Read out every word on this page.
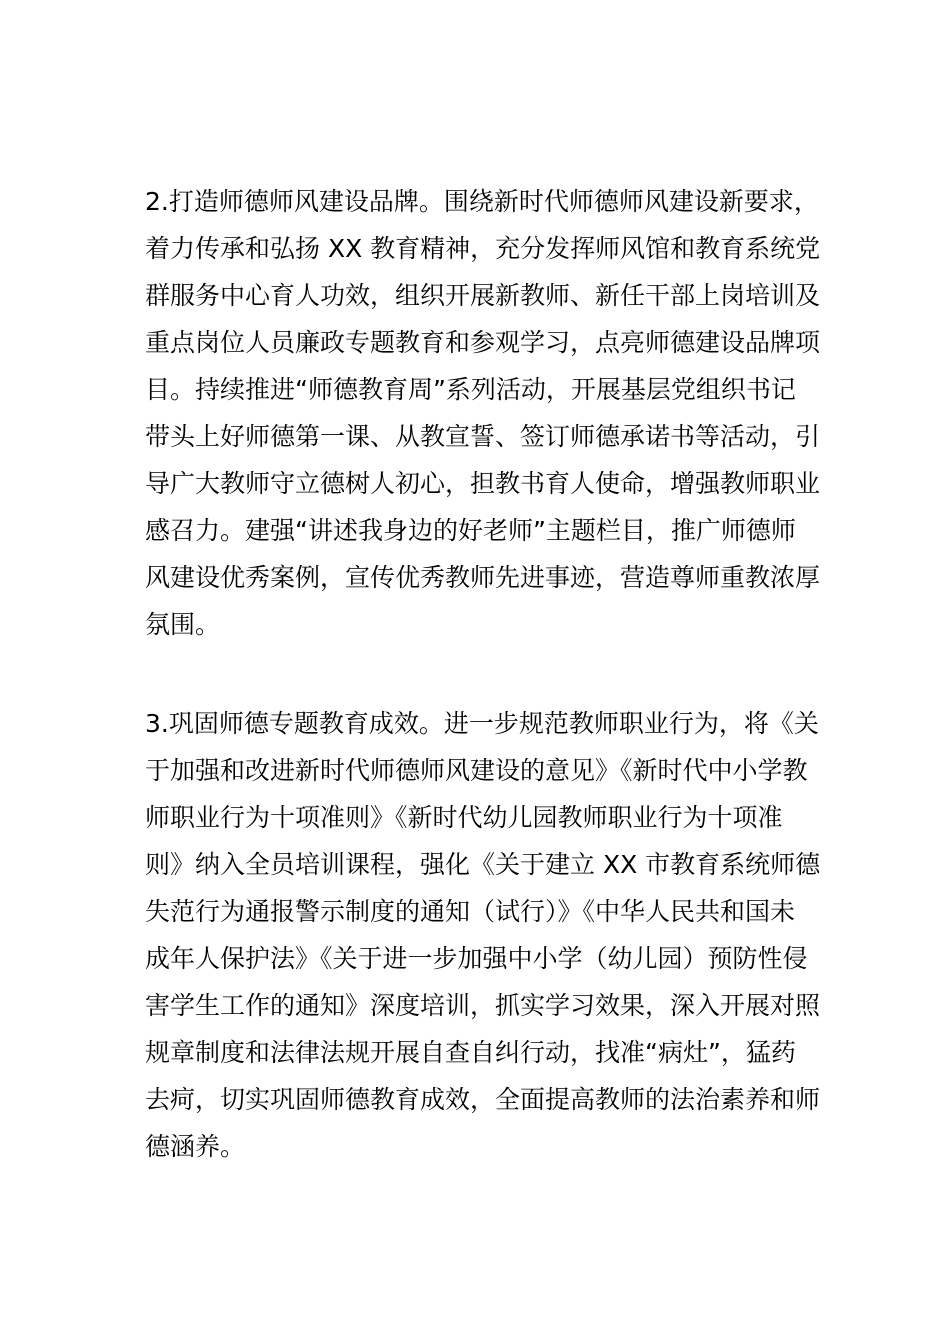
2.打造师德师风建设品牌。围绕新时代师德师风建设新要求，
着力传承和弘扬 XX 教育精神，充分发挥师风馆和教育系统党
群服务中心育人功效，组织开展新教师、新任干部上岗培训及
重点岗位人员廉政专题教育和参观学习，点亮师德建设品牌项
目。持续推进“师德教育周”系列活动，开展基层党组织书记
带头上好师德第一课、从教宣誓、签订师德承诺书等活动，引
导广大教师守立德树人初心，担教书育人使命，增强教师职业
感召力。建强“讲述我身边的好老师”主题栏目，推广师德师
风建设优秀案例，宣传优秀教师先进事迹，营造尊师重教浓厚
氛围。
3.巩固师德专题教育成效。进一步规范教师职业行为，将《关
于加强和改进新时代师德师风建设的意见》《新时代中小学教
师职业行为十项准则》《新时代幼儿园教师职业行为十项准
则》纳入全员培训课程，强化《关于建立 XX 市教育系统师德
失范行为通报警示制度的通知（试行）》《中华人民共和国未
成年人保护法》《关于进一步加强中小学（幼儿园）预防性侵
害学生工作的通知》深度培训，抓实学习效果，深入开展对照
规章制度和法律法规开展自查自纠行动，找准“病灶”，猛药
去疴，切实巩固师德教育成效，全面提高教师的法治素养和师
德涵养。
